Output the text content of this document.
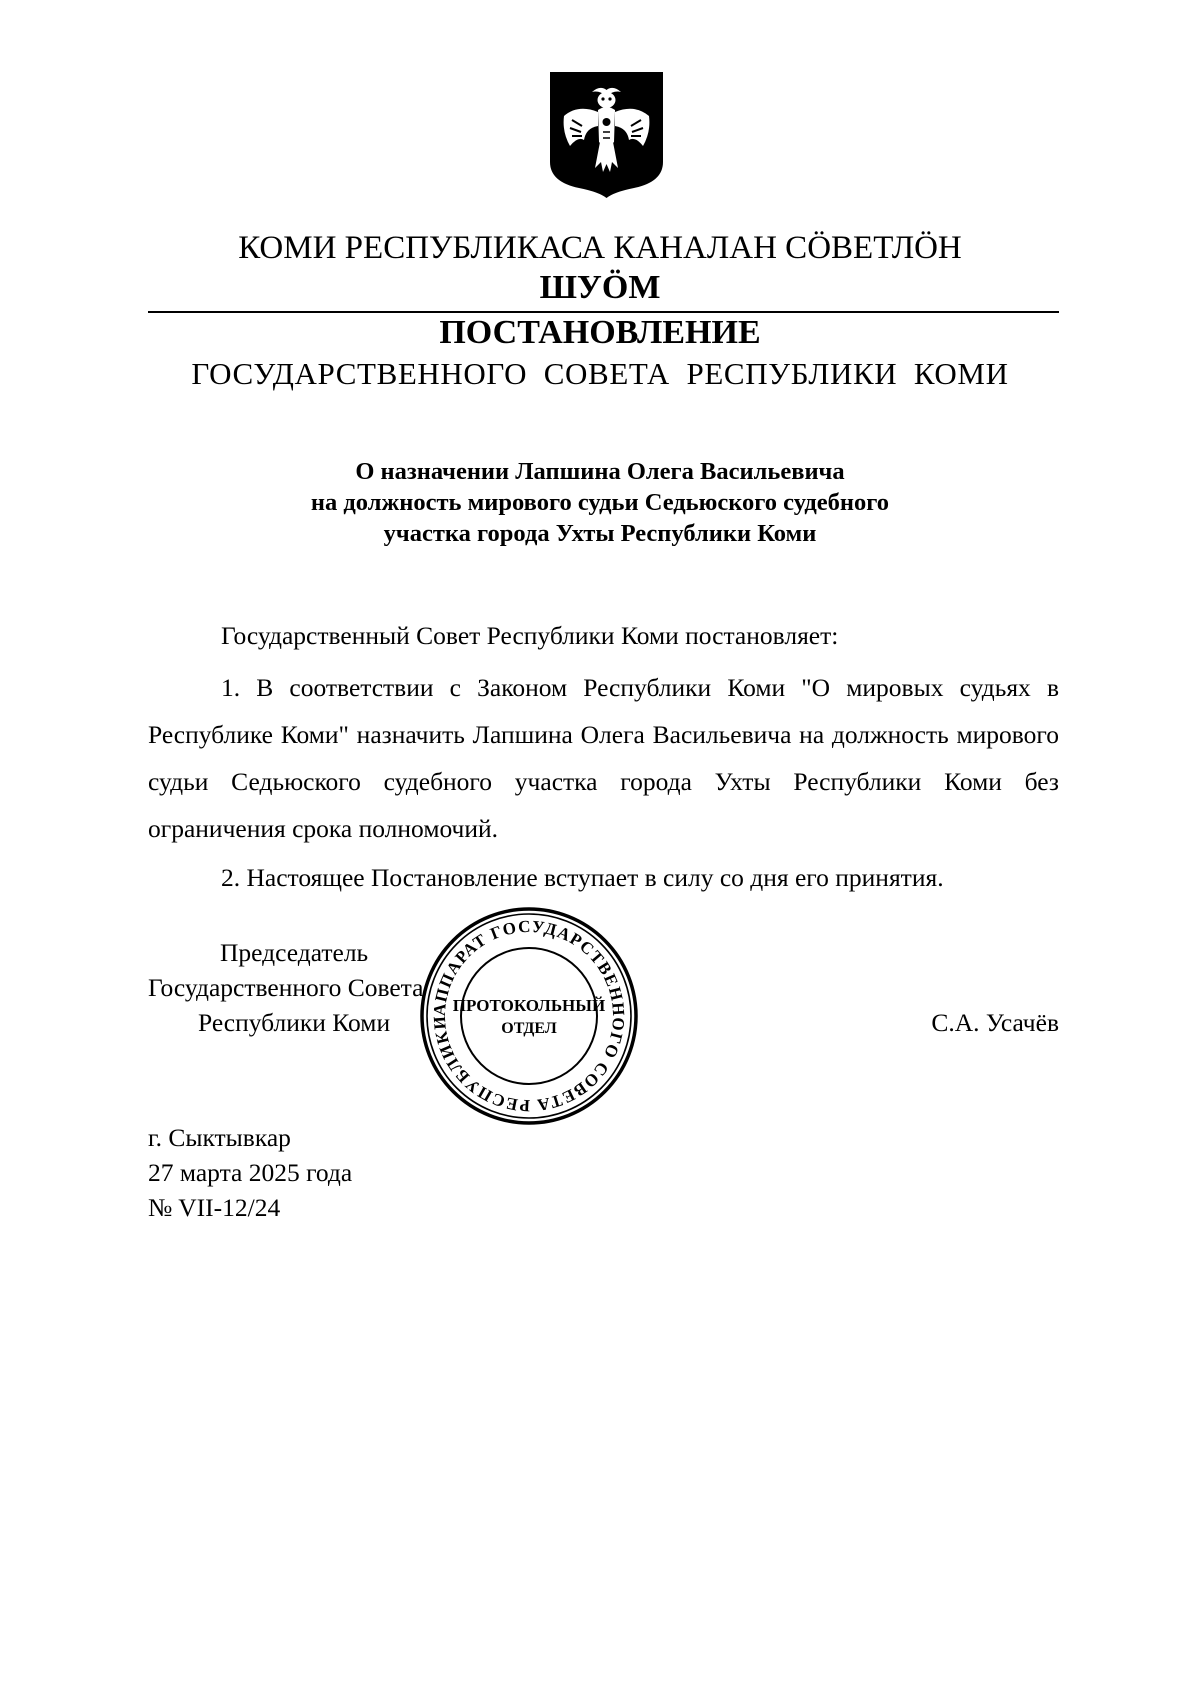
КОМИ РЕСПУБЛИКАСА КАНАЛАН СÖВЕТЛÖН
ШУÖМ
ПОСТАНОВЛЕНИЕ
ГОСУДАРСТВЕННОГО  СОВЕТА  РЕСПУБЛИКИ  КОМИ
О назначении Лапшина Олега Васильевича
на должность мирового судьи Седьюского судебного
участка города Ухты Республики Коми

Государственный Совет Республики Коми постановляет:

1. В соответствии с Законом Республики Коми "О мировых судьях в Республике Коми" назначить Лапшина Олега Васильевича на должность мирового судьи Седьюского судебного участка города Ухты Республики Коми без ограничения срока полномочий.

2. Настоящее Постановление вступает в силу со дня его принятия.

Председатель
Государственного Совета
Республики Коми	С.А. Усачёв
АППАРАТ ГОСУДАРСТВЕННОГО СОВЕТА РЕСПУБЛИКИ
ПРОТОКОЛЬНЫЙ
ОТДЕЛ
г. Сыктывкар
27 марта 2025 года
№ VII-12/24
